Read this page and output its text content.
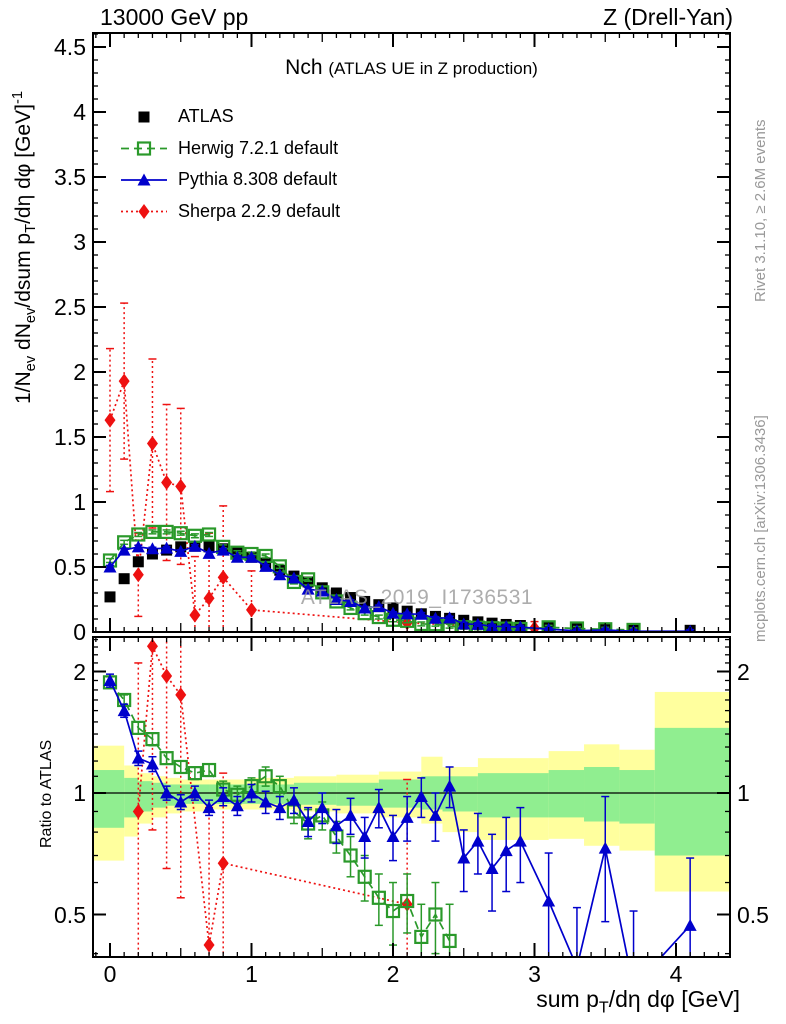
13000 GeV pp	Z (Drell-Yan)
Nch (ATLAS UE in Z production)
ATLAS_2019_I1736531
$1/N_{ev}$ $dN_{ev}$/dsum $p_T/d\eta$ dφ [GeV]$^{-1}$
Ratio to ATLAS
Rivet 3.1.10, ≥ 2.6M events
mcplots.cern.ch [arXiv:1306.3436]
sum $p_T/d\eta$ dφ [GeV]
0	1	2	3	4
0
0.5
1
1.5
2
2.5
3
3.5
4
4.5
0.5	0.5
1	1
2	2
ATLAS
Herwig 7.2.1 default
Pythia 8.308 default
Sherpa 2.2.9 default
